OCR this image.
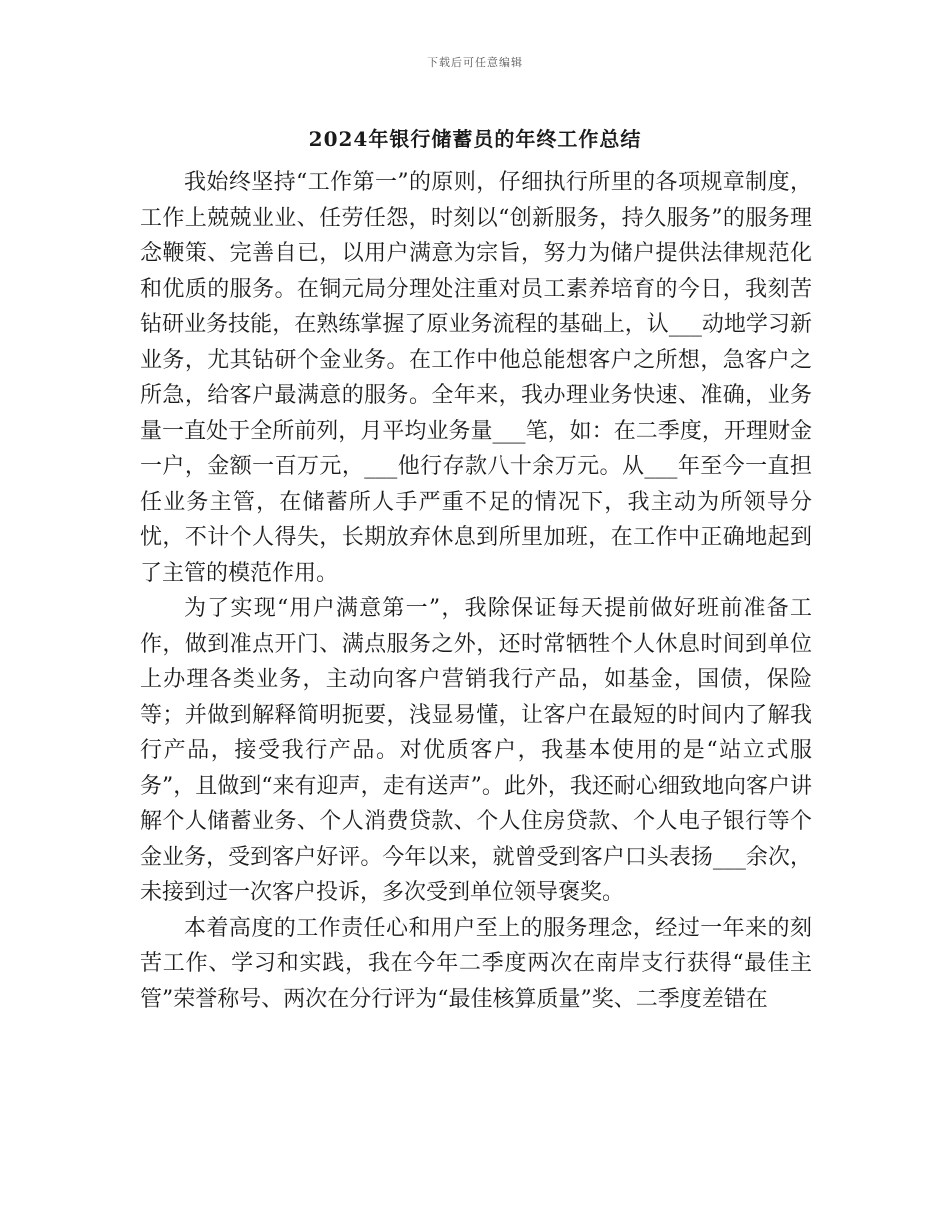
下载后可任意编辑
2024年银行储蓄员的年终工作总结

我始终坚持“工作第一”的原则，仔细执行所里的各项规章制度，工作上兢兢业业、任劳任怨，时刻以“创新服务，持久服务”的服务理念鞭策、完善自已，以用户满意为宗旨，努力为储户提供法律规范化和优质的服务。在铜元局分理处注重对员工素养培育的今日，我刻苦钻研业务技能，在熟练掌握了原业务流程的基础上，认___动地学习新业务，尤其钻研个金业务。在工作中他总能想客户之所想，急客户之所急，给客户最满意的服务。全年来，我办理业务快速、准确，业务量一直处于全所前列，月平均业务量___笔，如：在二季度，开理财金一户，金额一百万元，___他行存款八十余万元。从___年至今一直担任业务主管，在储蓄所人手严重不足的情况下，我主动为所领导分忧，不计个人得失，长期放弃休息到所里加班，在工作中正确地起到了主管的模范作用。

为了实现“用户满意第一”，我除保证每天提前做好班前准备工作，做到准点开门、满点服务之外，还时常牺牲个人休息时间到单位上办理各类业务，主动向客户营销我行产品，如基金，国债，保险等；并做到解释简明扼要，浅显易懂，让客户在最短的时间内了解我行产品，接受我行产品。对优质客户，我基本使用的是“站立式服务”，且做到“来有迎声，走有送声”。此外，我还耐心细致地向客户讲解个人储蓄业务、个人消费贷款、个人住房贷款、个人电子银行等个金业务，受到客户好评。今年以来，就曾受到客户口头表扬___余次，未接到过一次客户投诉，多次受到单位领导褒奖。

本着高度的工作责任心和用户至上的服务理念，经过一年来的刻苦工作、学习和实践，我在今年二季度两次在南岸支行获得“最佳主管”荣誉称号、两次在分行评为“最佳核算质量”奖、二季度差错在
